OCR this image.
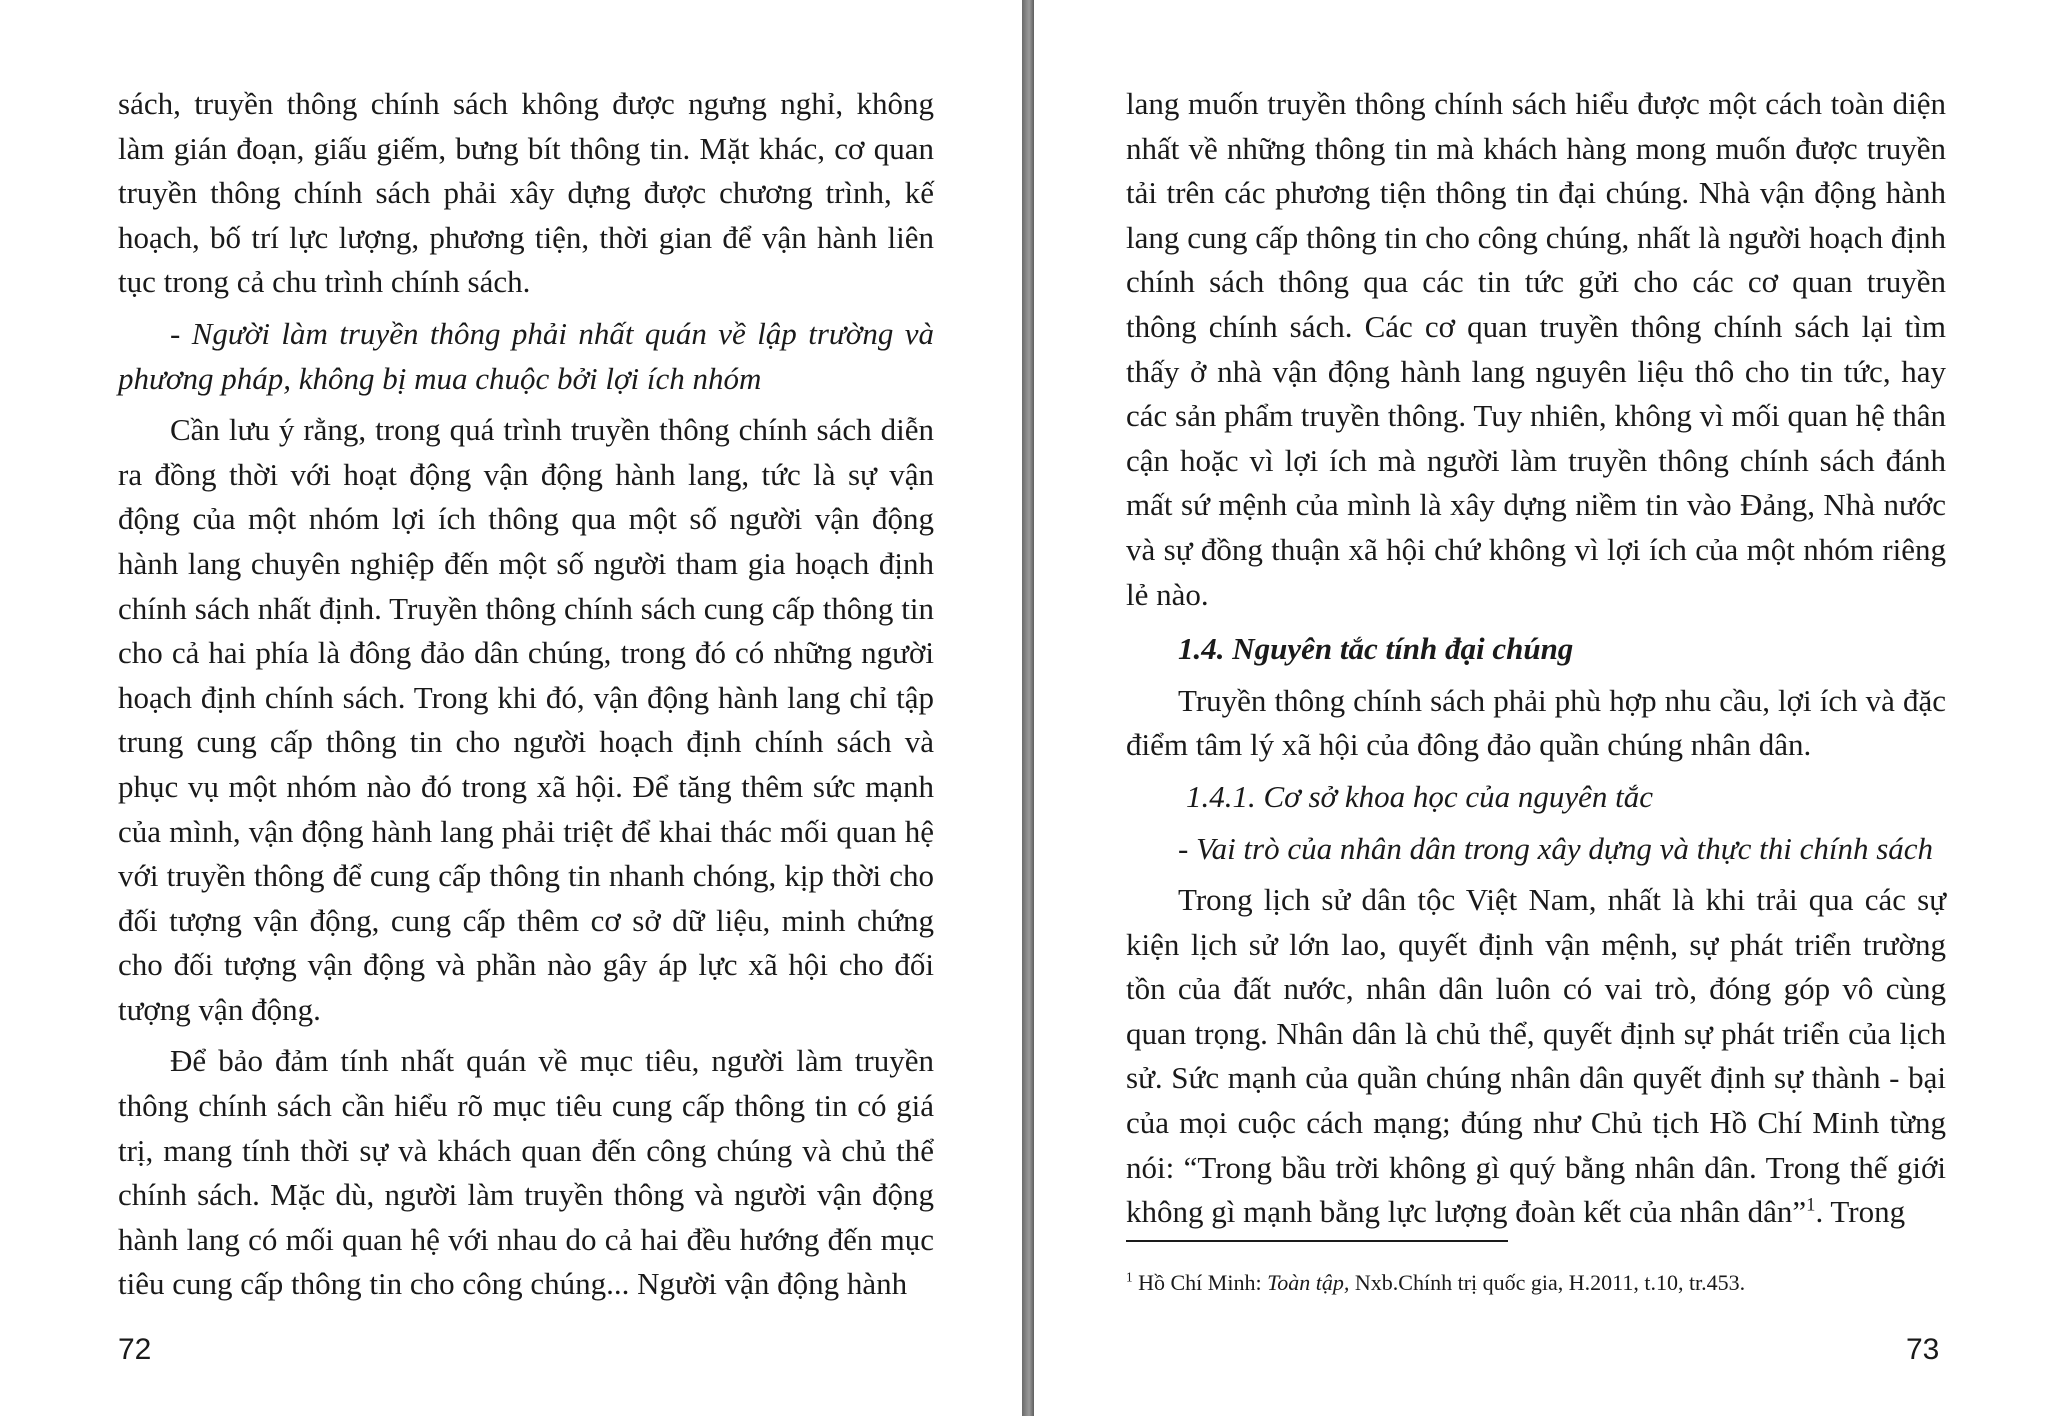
sách, truyền thông chính sách không được ngưng nghỉ, không làm gián đoạn, giấu giếm, bưng bít thông tin. Mặt khác, cơ quan truyền thông chính sách phải xây dựng được chương trình, kế hoạch, bố trí lực lượng, phương tiện, thời gian để vận hành liên tục trong cả chu trình chính sách.

- Người làm truyền thông phải nhất quán về lập trường và phương pháp, không bị mua chuộc bởi lợi ích nhóm

Cần lưu ý rằng, trong quá trình truyền thông chính sách diễn ra đồng thời với hoạt động vận động hành lang, tức là sự vận động của một nhóm lợi ích thông qua một số người vận động hành lang chuyên nghiệp đến một số người tham gia hoạch định chính sách nhất định. Truyền thông chính sách cung cấp thông tin cho cả hai phía là đông đảo dân chúng, trong đó có những người hoạch định chính sách. Trong khi đó, vận động hành lang chỉ tập trung cung cấp thông tin cho người hoạch định chính sách và phục vụ một nhóm nào đó trong xã hội. Để tăng thêm sức mạnh của mình, vận động hành lang phải triệt để khai thác mối quan hệ với truyền thông để cung cấp thông tin nhanh chóng, kịp thời cho đối tượng vận động, cung cấp thêm cơ sở dữ liệu, minh chứng cho đối tượng vận động và phần nào gây áp lực xã hội cho đối tượng vận động.

Để bảo đảm tính nhất quán về mục tiêu, người làm truyền thông chính sách cần hiểu rõ mục tiêu cung cấp thông tin có giá trị, mang tính thời sự và khách quan đến công chúng và chủ thể chính sách. Mặc dù, người làm truyền thông và người vận động hành lang có mối quan hệ với nhau do cả hai đều hướng đến mục tiêu cung cấp thông tin cho công chúng... Người vận động hành

72

lang muốn truyền thông chính sách hiểu được một cách toàn diện nhất về những thông tin mà khách hàng mong muốn được truyền tải trên các phương tiện thông tin đại chúng. Nhà vận động hành lang cung cấp thông tin cho công chúng, nhất là người hoạch định chính sách thông qua các tin tức gửi cho các cơ quan truyền thông chính sách. Các cơ quan truyền thông chính sách lại tìm thấy ở nhà vận động hành lang nguyên liệu thô cho tin tức, hay các sản phẩm truyền thông. Tuy nhiên, không vì mối quan hệ thân cận hoặc vì lợi ích mà người làm truyền thông chính sách đánh mất sứ mệnh của mình là xây dựng niềm tin vào Đảng, Nhà nước và sự đồng thuận xã hội chứ không vì lợi ích của một nhóm riêng lẻ nào.

1.4. Nguyên tắc tính đại chúng

Truyền thông chính sách phải phù hợp nhu cầu, lợi ích và đặc điểm tâm lý xã hội của đông đảo quần chúng nhân dân.

1.4.1. Cơ sở khoa học của nguyên tắc

- Vai trò của nhân dân trong xây dựng và thực thi chính sách

Trong lịch sử dân tộc Việt Nam, nhất là khi trải qua các sự kiện lịch sử lớn lao, quyết định vận mệnh, sự phát triển trường tồn của đất nước, nhân dân luôn có vai trò, đóng góp vô cùng quan trọng. Nhân dân là chủ thể, quyết định sự phát triển của lịch sử. Sức mạnh của quần chúng nhân dân quyết định sự thành - bại của mọi cuộc cách mạng; đúng như Chủ tịch Hồ Chí Minh từng nói: “Trong bầu trời không gì quý bằng nhân dân. Trong thế giới không gì mạnh bằng lực lượng đoàn kết của nhân dân”$^1$. Trong

$^1$ Hồ Chí Minh: Toàn tập, Nxb.Chính trị quốc gia, H.2011, t.10, tr.453.
73
